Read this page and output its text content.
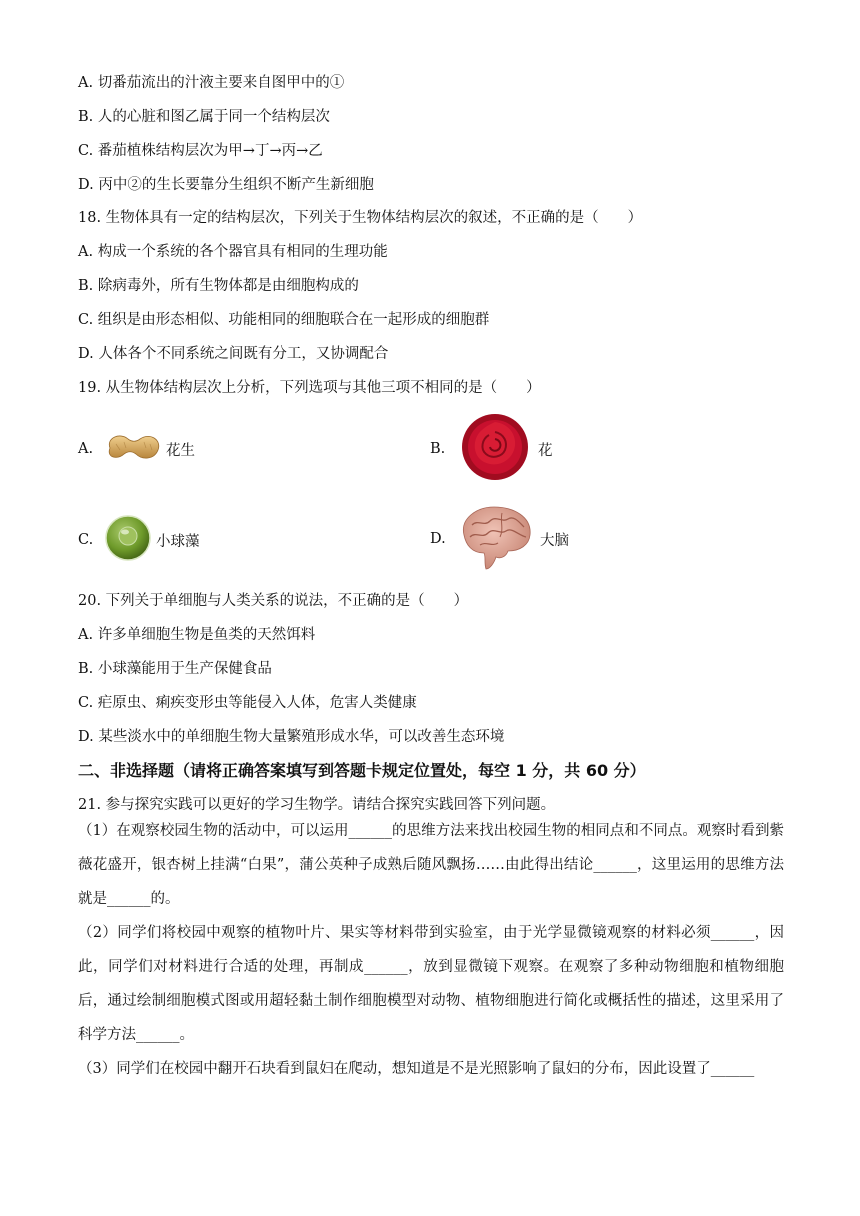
A. 切番茄流出的汁液主要来自图甲中的①
B. 人的心脏和图乙属于同一个结构层次
C. 番茄植株结构层次为甲→丁→丙→乙
D. 丙中②的生长要靠分生组织不断产生新细胞
18. 生物体具有一定的结构层次，下列关于生物体结构层次的叙述，不正确的是（　　）
A. 构成一个系统的各个器官具有相同的生理功能
B. 除病毒外，所有生物体都是由细胞构成的
C. 组织是由形态相似、功能相同的细胞联合在一起形成的细胞群
D. 人体各个不同系统之间既有分工，又协调配合
19. 从生物体结构层次上分析，下列选项与其他三项不相同的是（　　）
A.	花生	B.	花
C.	小球藻	D.	大脑
20. 下列关于单细胞与人类关系的说法，不正确的是（　　）
A. 许多单细胞生物是鱼类的天然饵料
B. 小球藻能用于生产保健食品
C. 疟原虫、痢疾变形虫等能侵入人体，危害人类健康
D. 某些淡水中的单细胞生物大量繁殖形成水华，可以改善生态环境
二、非选择题（请将正确答案填写到答题卡规定位置处，每空 1 分，共 60 分）
21. 参与探究实践可以更好的学习生物学。请结合探究实践回答下列问题。
（1）在观察校园生物的活动中，可以运用______的思维方法来找出校园生物的相同点和不同点。观察时看到紫薇花盛开，银杏树上挂满“白果”，蒲公英种子成熟后随风飘扬……由此得出结论______，这里运用的思维方法就是______的。
（2）同学们将校园中观察的植物叶片、果实等材料带到实验室，由于光学显微镜观察的材料必须______，因此，同学们对材料进行合适的处理，再制成______，放到显微镜下观察。在观察了多种动物细胞和植物细胞后，通过绘制细胞模式图或用超轻黏土制作细胞模型对动物、植物细胞进行简化或概括性的描述，这里采用了科学方法______。
（3）同学们在校园中翻开石块看到鼠妇在爬动，想知道是不是光照影响了鼠妇的分布，因此设置了______
